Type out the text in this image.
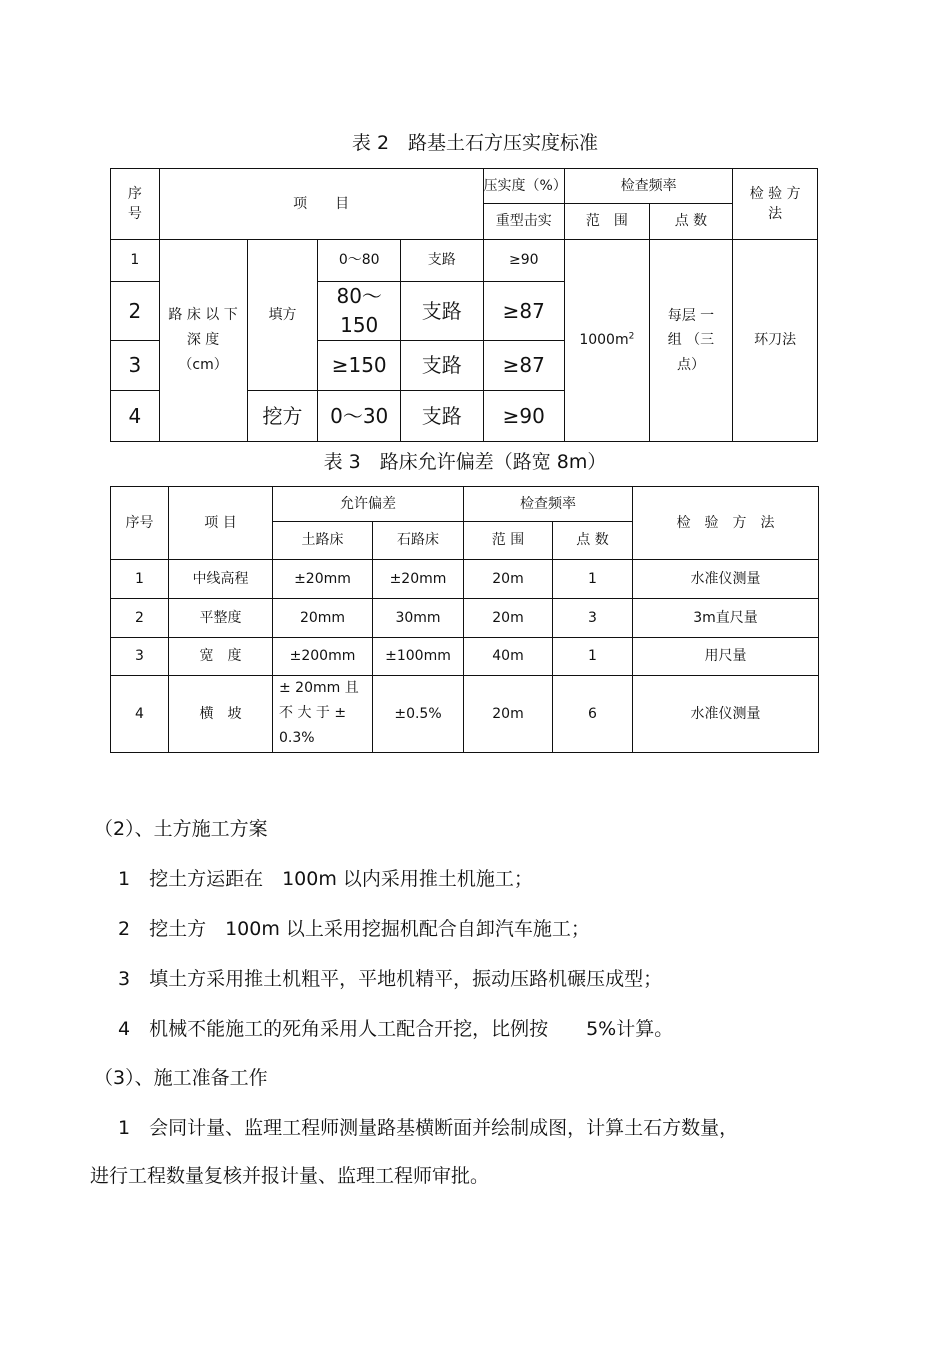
表 2　路基土石方压实度标准
序号	项　　目				压实度（%）	检查频率		检 验 方 法
					重型击实	范　围	点 数	
1	路 床 以 下 深 度 （cm）	填方	0～80	支路	≥90	$1000m^2$	每层 一组 （三点）	环刀法
2			80～150	支路	≥87			
3			≥150	支路	≥87			
4		挖方	0～30	支路	≥90			
表 3　路床允许偏差（路宽 8m）
序号	项 目	允许偏差		检查频率		检　验　方　法
		土路床	石路床	范 围	点 数	
1	中线高程	±20mm	±20mm	20m	1	水准仪测量
2	平整度	20mm	30mm	20m	3	3m直尺量
3	宽　度	±200mm	±100mm	40m	1	用尺量
4	横　坡	± 20mm 且 不 大 于 ± 0.3%	±0.5%	20m	6	水准仪测量
（2）、土方施工方案
1　挖土方运距在　100m 以内采用推土机施工；
2　挖土方　100m 以上采用挖掘机配合自卸汽车施工；
3　填土方采用推土机粗平，平地机精平，振动压路机碾压成型；
4　机械不能施工的死角采用人工配合开挖，比例按　　5%计算。
（3）、施工准备工作
1　会同计量、监理工程师测量路基横断面并绘制成图，计算土石方数量，
进行工程数量复核并报计量、监理工程师审批。
